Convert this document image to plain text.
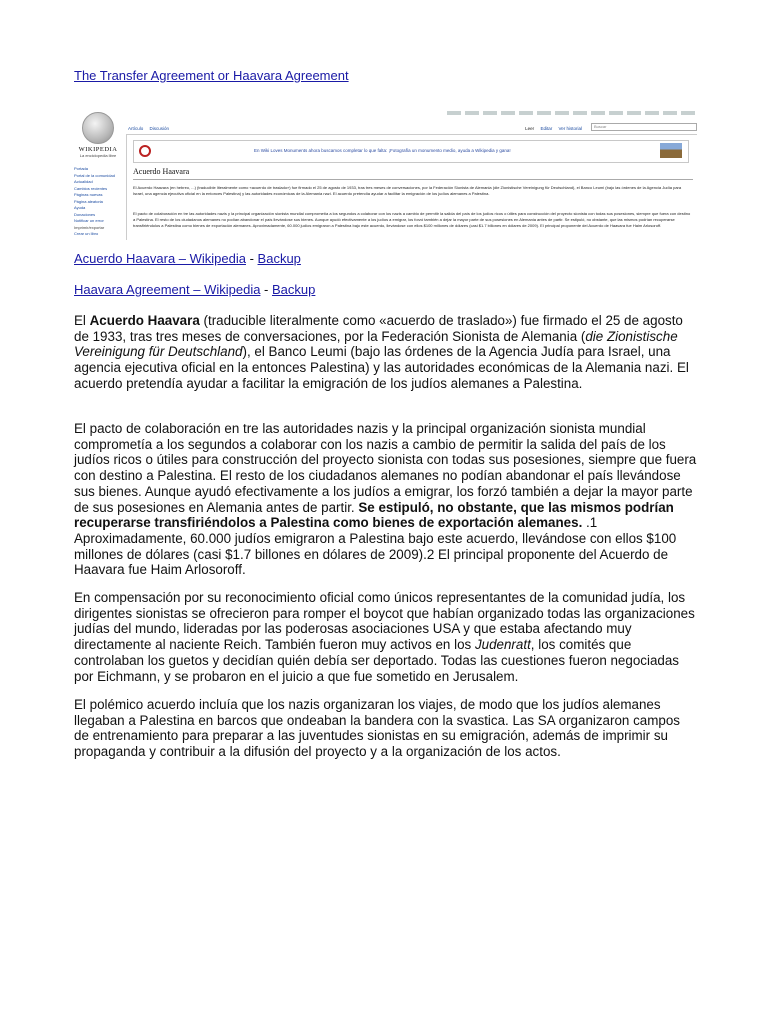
The Transfer Agreement or Haavara Agreement
WIKIPEDIA
La enciclopedia libre
Portada
Portal de la comunidad
Actualidad
Cambios recientes
Páginas nuevas
Página aleatoria
Ayuda
Donaciones
Notificar un error
Imprimir/exportar
Crear un libro
Artículo Discusión	Leer Editar Ver historial	Buscar
En Wiki Loves Monuments ahora buscamos completar lo que falta: ¡Fotografía un monumento medio, ayuda a Wikipedia y gana!
Acuerdo Haavara
El Acuerdo Haavara (en hebreo, ...) (traducible literalmente como «acuerdo de traslado») fue firmado el 25 de agosto de 1933, tras tres meses de conversaciones, por la Federación Sionista de Alemania (die Zionistische Vereinigung für Deutschland), el Banco Leumi (bajo las órdenes de la Agencia Judía para Israel, una agencia ejecutiva oficial en la entonces Palestina) y las autoridades económicas de la Alemania nazi. El acuerdo pretendía ayudar a facilitar la emigración de los judíos alemanes a Palestina.
El pacto de colaboración en tre las autoridades nazis y la principal organización sionista mundial comprometía a los segundos a colaborar con los nazis a cambio de permitir la salida del país de los judíos ricos o útiles para construcción del proyecto sionista con todas sus posesiones, siempre que fuera con destino a Palestina. El resto de los ciudadanos alemanes no podían abandonar el país llevándose sus bienes. Aunque ayudó efectivamente a los judíos a emigrar, los forzó también a dejar la mayor parte de sus posesiones en Alemania antes de partir. Se estipuló, no obstante, que las mismos podrían recuperarse transfiriéndolos a Palestina como bienes de exportación alemanes. Aproximadamente, 60.000 judíos emigraron a Palestina bajo este acuerdo, llevándose con ellos $100 millones de dólares (casi $1.7 billones en dólares de 2009). El principal proponente del Acuerdo de Haavara fue Haim Arlosoroff.
Acuerdo Haavara – Wikipedia - Backup
Haavara Agreement – Wikipedia - Backup

El Acuerdo Haavara (traducible literalmente como «acuerdo de traslado») fue firmado el 25 de agosto de 1933, tras tres meses de conversaciones, por la Federación Sionista de Alemania (die Zionistische Vereinigung für Deutschland), el Banco Leumi (bajo las órdenes de la Agencia Judía para Israel, una agencia ejecutiva oficial en la entonces Palestina) y las autoridades económicas de la Alemania nazi. El acuerdo pretendía ayudar a facilitar la emigración de los judíos alemanes a Palestina.

El pacto de colaboración en tre las autoridades nazis y la principal organización sionista mundial comprometía a los segundos a colaborar con los nazis a cambio de permitir la salida del país de los judíos ricos o útiles para construcción del proyecto sionista con todas sus posesiones, siempre que fuera con destino a Palestina. El resto de los ciudadanos alemanes no podían abandonar el país llevándose sus bienes. Aunque ayudó efectivamente a los judíos a emigrar, los forzó también a dejar la mayor parte de sus posesiones en Alemania antes de partir. Se estipuló, no obstante, que las mismos podrían recuperarse transfiriéndolos a Palestina como bienes de exportación alemanes. .1 Aproximadamente, 60.000 judíos emigraron a Palestina bajo este acuerdo, llevándose con ellos $100 millones de dólares (casi $1.7 billones en dólares de 2009).2 El principal proponente del Acuerdo de Haavara fue Haim Arlosoroff.

En compensación por su reconocimiento oficial como únicos representantes de la comunidad judía, los dirigentes sionistas se ofrecieron para romper el boycot que habían organizado todas las organizaciones judías del mundo, lideradas por las poderosas asociaciones USA y que estaba afectando muy directamente al naciente Reich. También fueron muy activos en los Judenratt, los comités que controlaban los guetos y decidían quién debía ser deportado. Todas las cuestiones fueron negociadas por Eichmann, y se probaron en el juicio a que fue sometido en Jerusalem.

El polémico acuerdo incluía que los nazis organizaran los viajes, de modo que los judíos alemanes llegaban a Palestina en barcos que ondeaban la bandera con la svastica. Las SA organizaron campos de entrenamiento para preparar a las juventudes sionistas en su emigración, además de imprimir su propaganda y contribuir a la difusión del proyecto y a la organización de los actos.
